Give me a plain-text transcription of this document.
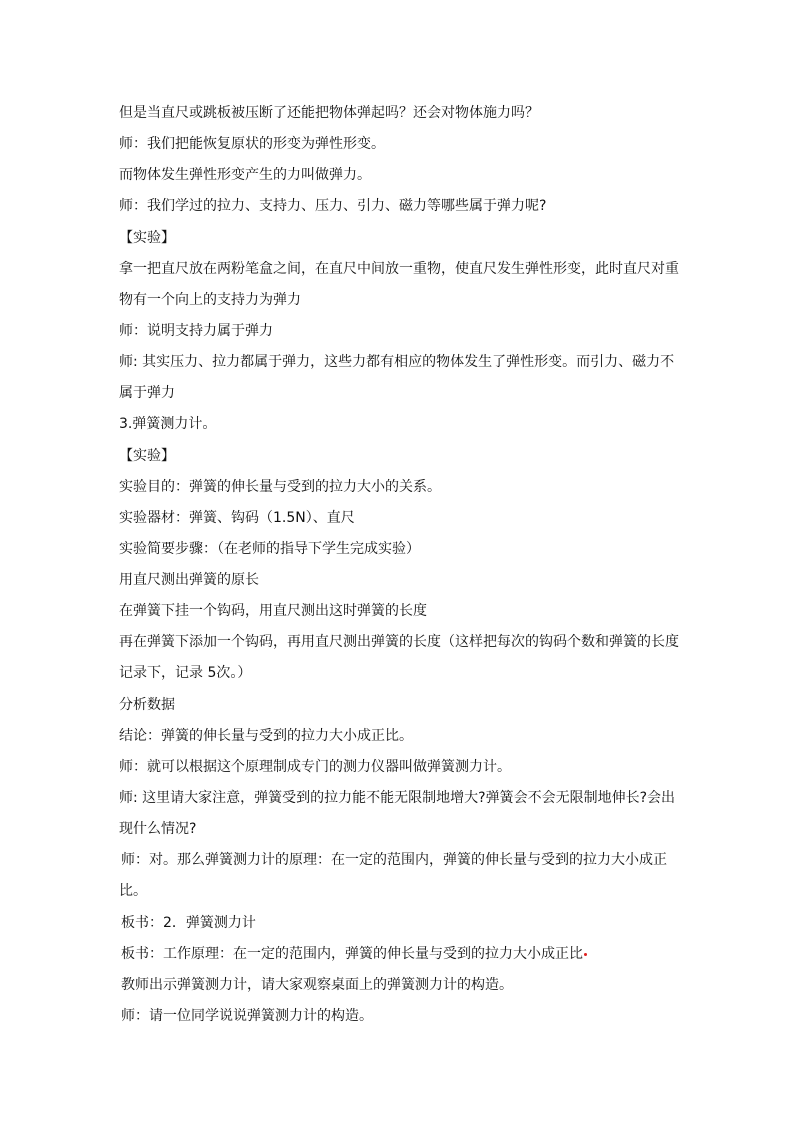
但是当直尺或跳板被压断了还能把物体弹起吗？还会对物体施力吗？
师：我们把能恢复原状的形变为弹性形变。
而物体发生弹性形变产生的力叫做弹力。
师：我们学过的拉力、支持力、压力、引力、磁力等哪些属于弹力呢?
【实验】
拿一把直尺放在两粉笔盒之间，在直尺中间放一重物，使直尺发生弹性形变，此时直尺对重
物有一个向上的支持力为弹力
师：说明支持力属于弹力
师: 其实压力、拉力都属于弹力，这些力都有相应的物体发生了弹性形变。而引力、磁力不
属于弹力
3.弹簧测力计。
【实验】
实验目的：弹簧的伸长量与受到的拉力大小的关系。
实验器材：弹簧、钩码（1.5N）、直尺
实验简要步骤：（在老师的指导下学生完成实验）
用直尺测出弹簧的原长
在弹簧下挂一个钩码，用直尺测出这时弹簧的长度
再在弹簧下添加一个钩码，再用直尺测出弹簧的长度（这样把每次的钩码个数和弹簧的长度
记录下，记录 5次。）
分析数据
结论：弹簧的伸长量与受到的拉力大小成正比。
师：就可以根据这个原理制成专门的测力仪器叫做弹簧测力计。
师: 这里请大家注意，弹簧受到的拉力能不能无限制地增大?弹簧会不会无限制地伸长?会出
现什么情况?
师：对。那么弹簧测力计的原理：在一定的范围内，弹簧的伸长量与受到的拉力大小成正
比。
板书：2．弹簧测力计
板书：工作原理：在一定的范围内，弹簧的伸长量与受到的拉力大小成正比
教师出示弹簧测力计，请大家观察桌面上的弹簧测力计的构造。
师：请一位同学说说弹簧测力计的构造。
